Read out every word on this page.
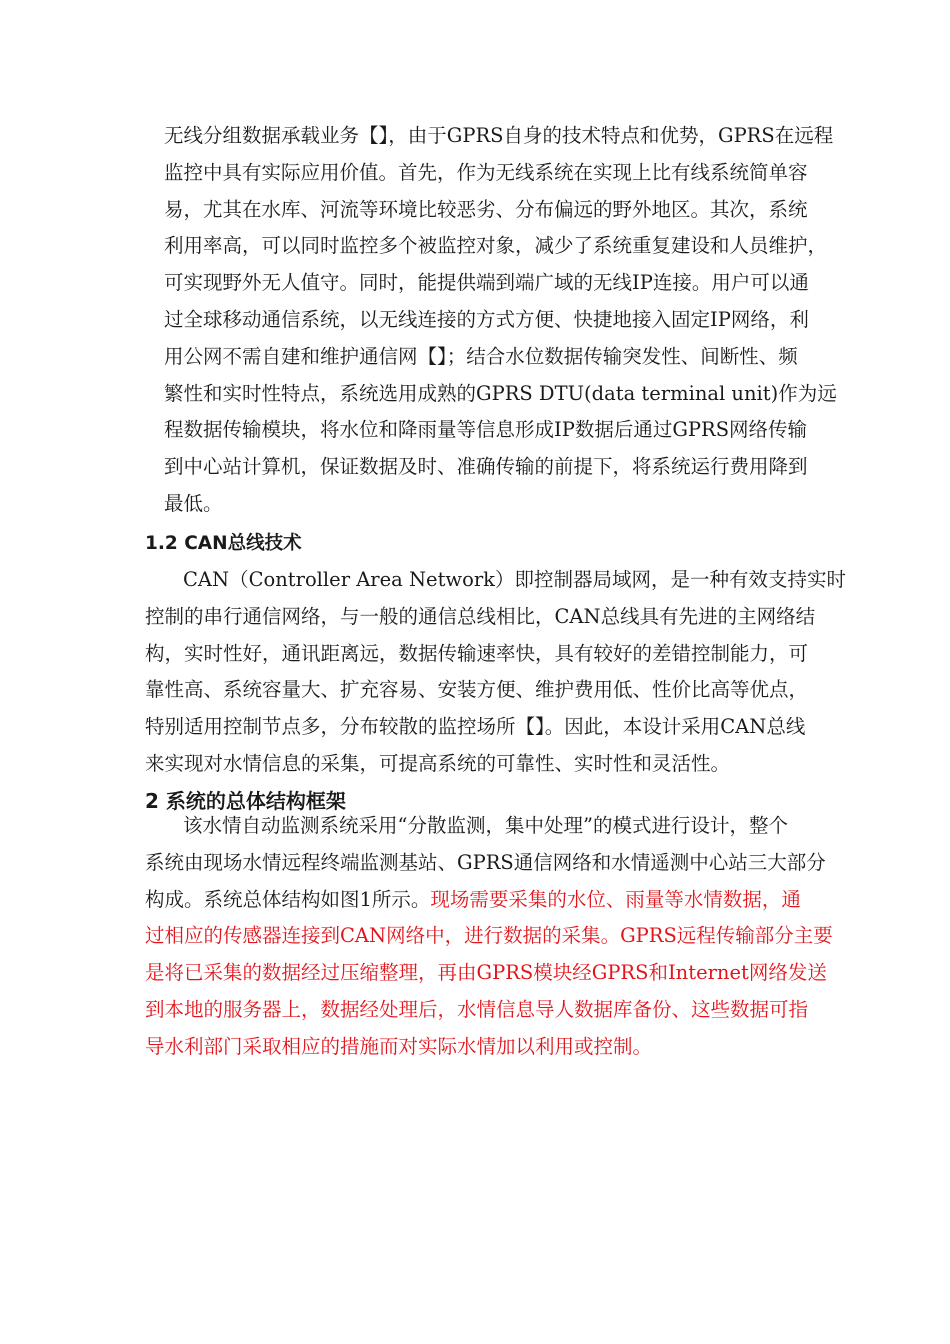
无线分组数据承载业务【】，由于GPRS自身的技术特点和优势，GPRS在远程
监控中具有实际应用价值。首先，作为无线系统在实现上比有线系统简单容
易，尤其在水库、河流等环境比较恶劣、分布偏远的野外地区。其次，系统
利用率高，可以同时监控多个被监控对象，减少了系统重复建设和人员维护，
可实现野外无人值守。同时，能提供端到端广域的无线IP连接。用户可以通
过全球移动通信系统，以无线连接的方式方便、快捷地接入固定IP网络，利
用公网不需自建和维护通信网【】；结合水位数据传输突发性、间断性、频
繁性和实时性特点，系统选用成熟的GPRS DTU(data terminal unit)作为远
程数据传输模块，将水位和降雨量等信息形成IP数据后通过GPRS网络传输
到中心站计算机，保证数据及时、准确传输的前提下，将系统运行费用降到
最低。
1.2 CAN总线技术
CAN（Controller Area Network）即控制器局域网，是一种有效支持实时
控制的串行通信网络，与一般的通信总线相比，CAN总线具有先进的主网络结
构，实时性好，通讯距离远，数据传输速率快，具有较好的差错控制能力，可
靠性高、系统容量大、扩充容易、安装方便、维护费用低、性价比高等优点，
特别适用控制节点多，分布较散的监控场所【】。因此，本设计采用CAN总线
来实现对水情信息的采集，可提高系统的可靠性、实时性和灵活性。
2 系统的总体结构框架
该水情自动监测系统采用“分散监测，集中处理”的模式进行设计，整个
系统由现场水情远程终端监测基站、GPRS通信网络和水情遥测中心站三大部分
构成。系统总体结构如图1所示。现场需要采集的水位、雨量等水情数据，通
过相应的传感器连接到CAN网络中，进行数据的采集。GPRS远程传输部分主要
是将已采集的数据经过压缩整理，再由GPRS模块经GPRS和Internet网络发送
到本地的服务器上，数据经处理后，水情信息导人数据库备份、这些数据可指
导水利部门采取相应的措施而对实际水情加以利用或控制。
